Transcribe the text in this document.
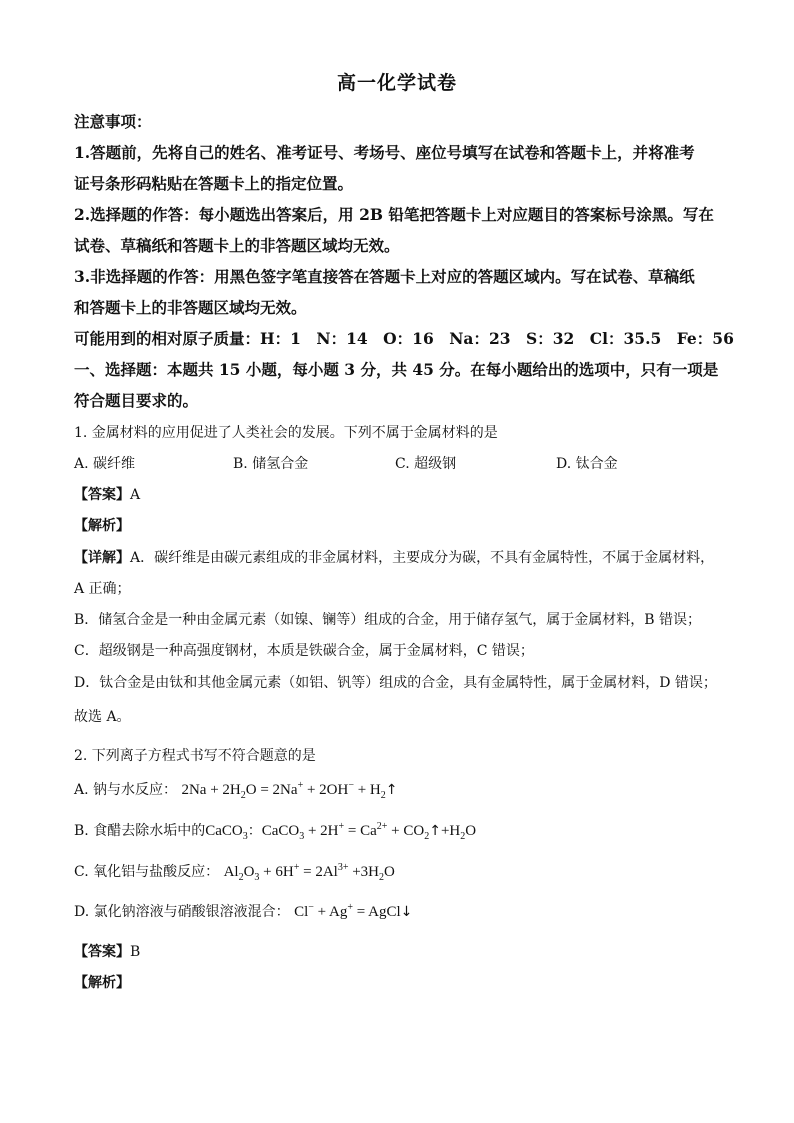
高一化学试卷
注意事项：
1.答题前，先将自己的姓名、准考证号、考场号、座位号填写在试卷和答题卡上，并将准考
证号条形码粘贴在答题卡上的指定位置。
2.选择题的作答：每小题选出答案后，用 2B 铅笔把答题卡上对应题目的答案标号涂黑。写在
试卷、草稿纸和答题卡上的非答题区域均无效。
3.非选择题的作答：用黑色签字笔直接答在答题卡上对应的答题区域内。写在试卷、草稿纸
和答题卡上的非答题区域均无效。
可能用到的相对原子质量：H：1　N：14　O：16　Na：23　S：32　Cl：35.5　Fe：56
一、选择题：本题共 15 小题，每小题 3 分，共 45 分。在每小题给出的选项中，只有一项是
符合题目要求的。
1. 金属材料的应用促进了人类社会的发展。下列不属于金属材料的是
A. 碳纤维	B. 储氢合金	C. 超级钢	D. 钛合金
【答案】A
【解析】
【详解】A．碳纤维是由碳元素组成的非金属材料，主要成分为碳，不具有金属特性，不属于金属材料，
A 正确；
B．储氢合金是一种由金属元素（如镍、镧等）组成的合金，用于储存氢气，属于金属材料，B 错误；
C．超级钢是一种高强度钢材，本质是铁碳合金，属于金属材料，C 错误；
D．钛合金是由钛和其他金属元素（如铝、钒等）组成的合金，具有金属特性，属于金属材料，D 错误；
故选 A。
2. 下列离子方程式书写不符合题意的是
A. 钠与水反应： $2Na + 2H_2O = 2Na^+ + 2OH^-$ + $H_2↑$
B. 食醋去除水垢中的CaCO$_3$：CaCO$_3$ + $2H^+ = Ca^{2+}$ + $CO_2↑+H_2O$
C. 氧化铝与盐酸反应： $Al_2O_3 + 6H^+ = 2Al^{3+} +3H_2O$
D. 氯化钠溶液与硝酸银溶液混合： Cl− + Ag+ = AgCl↓
【答案】B
【解析】
